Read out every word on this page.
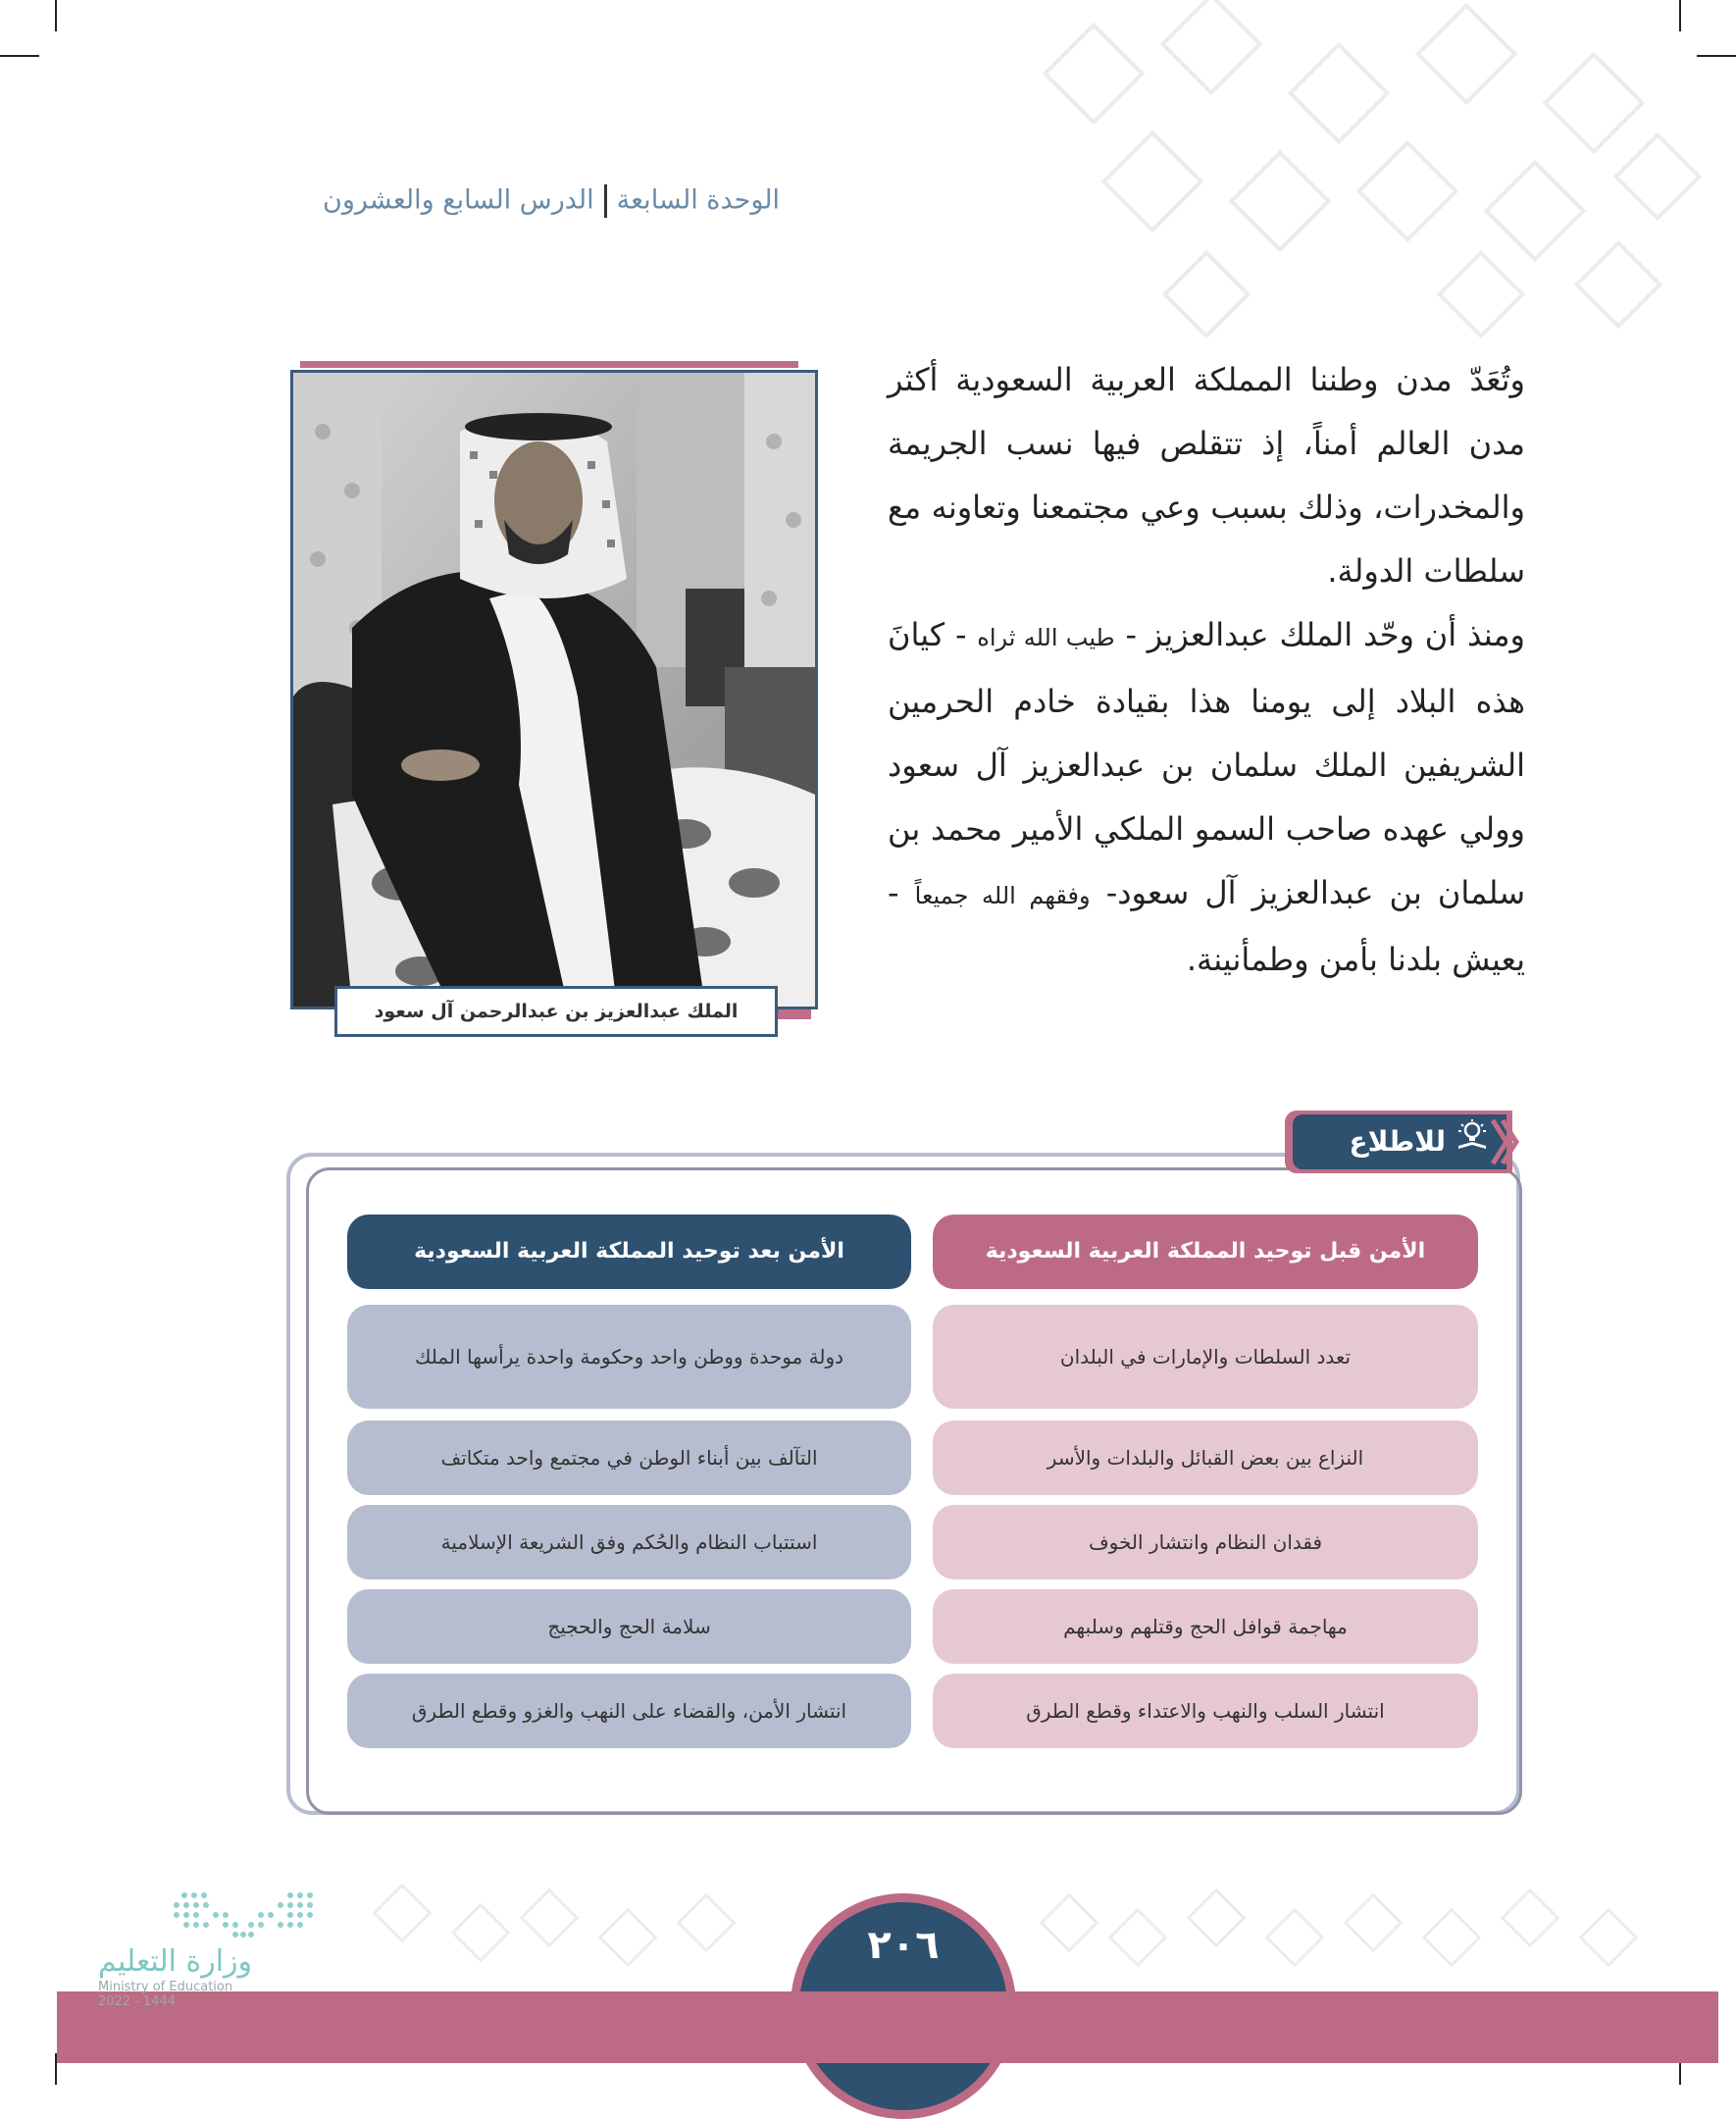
الوحدة السابعةالدرس السابع والعشرون

وتُعَدّ مدن وطننا المملكة العربية السعودية أكثر مدن العالم أمناً، إذ تتقلص فيها نسب الجريمة والمخدرات، وذلك بسبب وعي مجتمعنا وتعاونه مع سلطات الدولة.

ومنذ أن وحّد الملك عبدالعزيز - طيب الله ثراه - كيانَ هذه البلاد إلى يومنا هذا بقيادة خادم الحرمين الشريفين الملك سلمان بن عبدالعزيز آل سعود وولي عهده صاحب السمو الملكي الأمير محمد بن سلمان بن عبدالعزيز آل سعود- وفقهم الله جميعاً - يعيش بلدنا بأمن وطمأنينة.

الملك عبدالعزيز بن عبدالرحمن آل سعود
للاطلاع
الأمن قبل توحيد المملكة العربية السعودية
الأمن بعد توحيد المملكة العربية السعودية
تعدد السلطات والإمارات في البلدان
النزاع بين بعض القبائل والبلدات والأسر
فقدان النظام وانتشار الخوف
مهاجمة قوافل الحج وقتلهم وسلبهم
انتشار السلب والنهب والاعتداء وقطع الطرق
دولة موحدة ووطن واحد وحكومة واحدة يرأسها الملك
التآلف بين أبناء الوطن في مجتمع واحد متكاتف
استتباب النظام والحُكم وفق الشريعة الإسلامية
سلامة الحج والحجيج
انتشار الأمن، والقضاء على النهب والغزو وقطع الطرق
٢٠٦
وزارة التعليم
Ministry of Education
2022 - 1444
